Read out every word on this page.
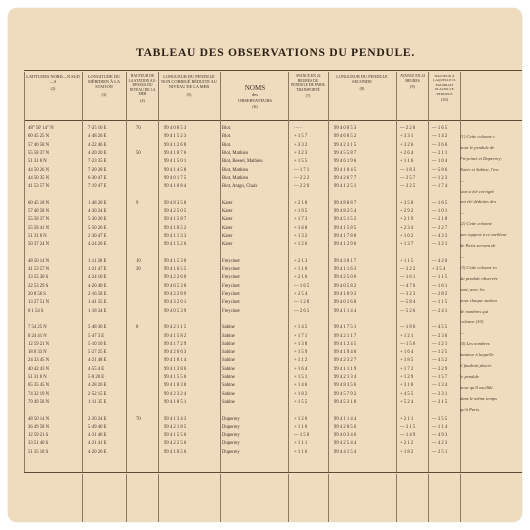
TABLEAU DES OBSERVATIONS DU PENDULE.
LATITUDES NORD—N SUD—S
(2)
LONGITUDE DU MÉRIDIEN À LA STATION
(3)
HAUTEUR DE LA STATION AU-DESSUS DU NIVEAU DE LA MER
(4)
LONGUEUR DU PENDULE NON CORRIGÉ RÉDUITE AU NIVEAU DE LA MER
(5)
NOMS
des
OBSERVATEURS
(6)
AVANCE EN 24 HEURES DU PENDULE DE PARIS TRANSPORTÉ
(7)
LONGUEUR DU PENDULE SECONDE
(8)
AVANCE EN 24 HEURES
(9)
HAUTEUR À LAQUELLE IL FAUDRAIT PLACER LE PENDULE
(10)
48° 50' 14" N	7·25 10 E	70	99 4 0 8 5 3	Biot.	·····	99 4 0 8 5 3	— 2 2 0	— 1 6 5
60 45 25 N	4·48 26 E	99 4 1 5 2 3	Biot.	+ 1 5 7	99 4 6 8 5 2	+ 3 3 1	— 1 4 2
57 40 58 N	4·22 46 E	99 4 1 2 6 8	Biot.	+ 3 3 2	99 4 2 3 1 5	+ 3 2 6	— 3 6 6
55 58 37 N	4·20 20 E	50	99 4 1 8 7 6	Biot, Mathieu	+ 3 2 3	99 4 5 5 8 7	+ 2 6 4	— 2 1 1
51 31 8 N	7·23 35 E	99 4 1 5 0 1	Biot, Bessel, Mathieu	+ 1 5 5	99 4 6 1 9 6	+ 1 1 6	— 1 0 4
44 50 26 N	7·20 28 E	99 4 1 4 5 8	Biot, Mathieu	— 1 7 1	99 4 1 8 4 5	— 1 8 3	— 5 8 6
44 50 35 N	6·30 47 E	99 4 0 1 7 5	Biot, Mathieu	— 2 2 2	99 4 2 6 7 7	— 2 5 7	— 1 2 3
41 53 57 N	7·19 47 E	99 4 1 0 8 4	Biot, Arago, Chaix	— 2 2 0	99 4 1 2 5 1	— 3 2 5	— 1 7 4
60 45 18 N	1·48 20 E	9	99 4 8 3 5 8	Kater	+ 2 1 8	99 4 8 8 8 7	+ 3 5 8	— 1 6 5
57 40 58 N	4·30 24 E	99 4 2 5 0 5	Kater	+ 1 9 5	99 4 8 2 5 4	+ 2 9 2	— 1 0 1
55 58 37 N	5·30 20 E	99 4 1 5 8 7	Kater	+ 1 7 3	99 4 5 1 5 2	+ 2 1 9	— 2 1 8
55 58 41 N	5·50 20 E	99 4 1 8 5 2	Kater	+ 1 6 8	99 4 1 5 8 5	+ 2 3 4	— 2 2 7
51 31 8 N	2·30 47 E	99 4 1 1 3 3	Kater	+ 1 3 2	99 4 1 7 8 8	+ 1 0 2	— 4 3 3
50 37 24 N	4·24 20 E	99 4 1 5 2 6	Kater	+ 1 2 6	99 4 1 2 9 6	+ 1 3 7	— 3 2 1
48 50 14 N	1·11 20 E	10	99 4 1 5 3 0	Freycinet	+ 2 1 3	99 4 3 8 1 7	+ 1 1 5	— 4 2 6
41 53 57 N	1·21 47 E	30	99 4 1 6 5 5	Freycinet	+ 1 1 0	99 4 1 1 6 3	— 3 2 2	+ 3 5 4
33 55 30 S	4·24 10 E	99 4 2 2 6 0	Freycinet	+ 2 1 6	99 4 2 5 0 6	— 1 6 1	— 1 1 5
22 53 29 S	4·20 40 E	99 4 6 5 3 8	Freycinet	— 1 6 5	99 4 0 5 8 2	— 4 7 6	— 1 6 1
20 8 56 S	2·16 58 E	99 4 2 2 8 9	Freycinet	+ 2 5 4	99 4 1 8 9 3	— 3 2 3	— 2 8 2
13 27 51 N	1·41 35 E	99 4 3 2 0 1	Freycinet	— 1 2 8	99 4 0 1 6 8	— 5 8 4	— 1 1 5
0 1 54 S	1·18 34 E	99 4 0 5 3 9	Freycinet	— 2 6 5	99 4 1 1 4 4	— 5 2 6	— 2 4 1
7 54 25 N	5·48 30 E	8	99 4 2 1 1 5	Sabine	+ 1 4 5	99 4 1 7 5 1	— 1 8 6	— 4 5 5
0 24 41 N	5·47 3 E	99 4 1 5 8 2	Sabine	+ 1 7 1	99 4 2 1 1 7	+ 1 2 1	— 2 3 6
12 59 21 N	5·10 10 E	99 4 1 7 2 9	Sabine	+ 1 3 8	99 4 1 2 4 5	— 1 5 6	— 1 2 1
18 0 33 N	5·27 25 E	99 4 2 6 6 3	Sabine	+ 1 5 9	99 4 1 9 4 6	+ 1 6 4	— 1 2 5
24 33 45 N	4·21 48 E	99 4 1 8 1 4	Sabine	+ 1 1 2	99 4 2 3 2 7	+ 1 8 5	— 4 5 2
40 42 43 N	4·55 4 E	99 4 1 3 8 6	Sabine	+ 1 6 4	99 4 1 1 1 9	+ 1 7 2	— 2 2 9
51 31 8 N	5·0 20 E	99 4 1 5 5 6	Sabine	+ 1 5 1	99 4 2 1 3 4	+ 1 2 9	— 1 5 7
65 35 45 N	4·28 26 E	99 4 1 8 3 8	Sabine	+ 1 4 6	99 4 8 3 5 6	+ 3 1 8	— 1 3 4
74 32 19 N	2·52 15 E	99 4 2 3 2 4	Sabine	+ 1 8 2	99 4 5 7 9 2	+ 4 5 5	— 2 3 1
79 49 58 N	1·11 35 E	99 4 1 8 5 1	Sabine	+ 1 5 5	99 4 5 3 1 8	+ 5 2 4	— 3 1 5
48 50 14 N	2·20 24 E	70	99 4 1 3 4 3	Duperrey	+ 1 2 0	99 4 1 1 4 4	+ 2 1 1	— 3 5 5
36 49 58 N	5·49 40 E	99 4 2 1 8 5	Duperrey	+ 1 1 0	99 4 2 8 5 6	— 3 1 5	— 1 1 4
12 59 21 S	4·31 46 E	99 4 1 5 5 6	Duperrey	— 1 5 0	99 4 0 3 4 6	— 1 4 9	— 4 9 3
33 51 40 S	4·21 41 E	99 4 2 2 5 6	Duperrey	+ 1 1 1	99 4 2 5 4 4	+ 2 1 2	— 4 2 3
51 35 18 S	4·20 20 E	99 4 1 8 5 6	Duperrey	+ 1 1 6	99 4 4 1 5 4	+ 1 8 2	— 2 5 1
(1) Cette colonne c
pour le pendule de
Freycinet et Duperrey;
Kater et Sabine, l'inc
—
sion a été corrigée
ont été déduites des
—
(2) Cette colonne
par rapport à ce meilleur
de Paris servant de
—
(3) Cette colonne in
du pendule observée
sont, avec les
pour chaque station
de nombres qui
colonne (10)
—
(4) Les nombres
hauteur à laquelle
il faudrait placer
le pendule
pour qu'il oscillât
dans le même temps
qu'à Paris.
